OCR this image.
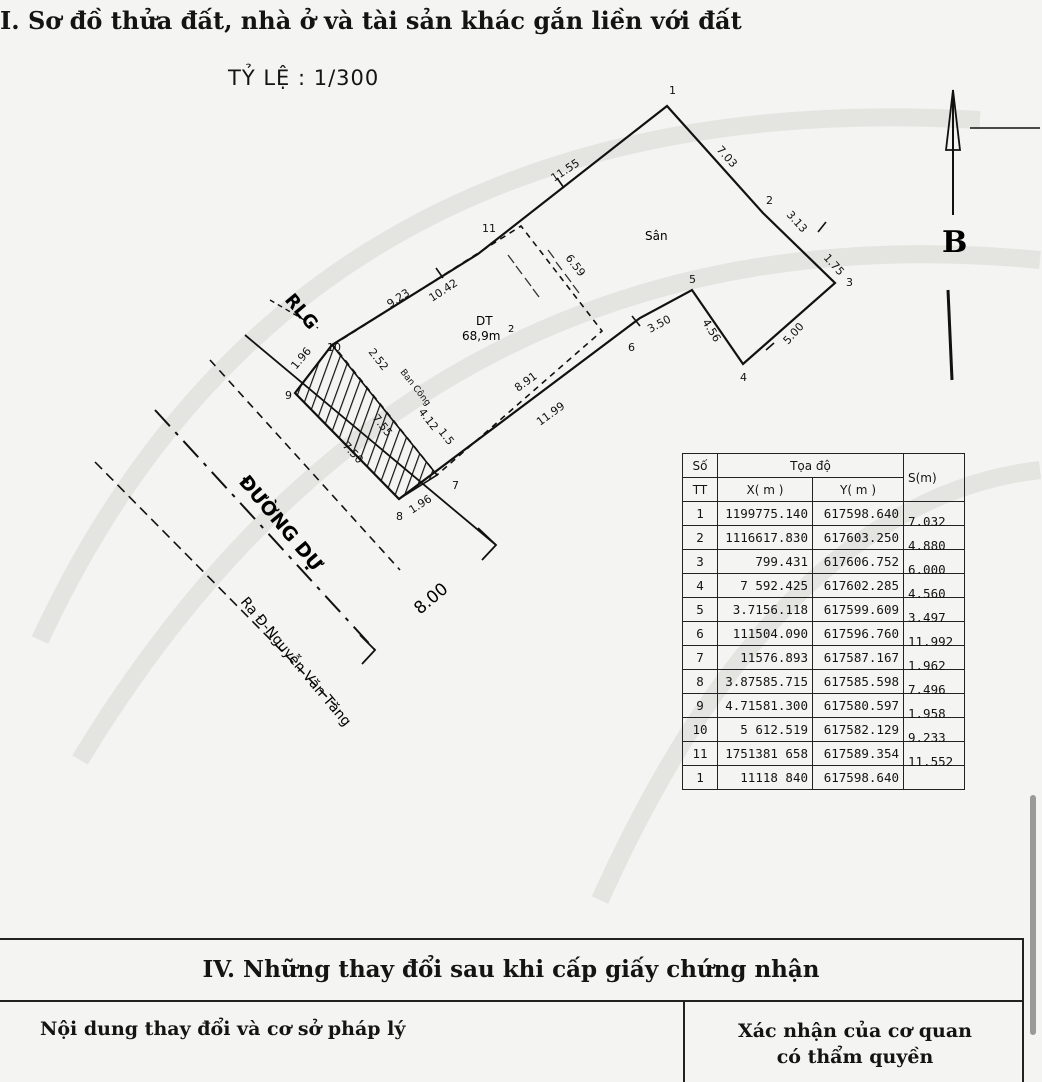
I. Sơ đồ thửa đất, nhà ở và tài sản khác gắn liền với đất
TỶ LỆ : 1/300
B
1
2
3
4
5
6
7
8
9
10
11
7.03
3.13
1.75
5.00
4.56
3.50
11.99
1.96
7.50
1.96
9.23
11.55
10.42
6.59
8.91
2.52
4.12
1.5
7.55
Ban Công
Sân
DT
68,9m 2
RLG
ĐƯỜNG DỰ
Ra Đ-Nguyễn Văn Tăng	8.00
Số	Tọa độ		S(m)
TT	X( m )	Y( m )	
1	1199775.140	617598.640	7.032
2	1116617.830	617603.250	4.880
3	799.431	617606.752	6.000
4	7 592.425	617602.285	4.560
5	3.7156.118	617599.609	3.497
6	111504.090	617596.760	11.992
7	11576.893	617587.167	1.962
8	3.87585.715	617585.598	7.496
9	4.71581.300	617580.597	1.958
10	5 612.519	617582.129	9.233
11	1751381 658	617589.354	11.552
1	11118 840	617598.640	
IV. Những thay đổi sau khi cấp giấy chứng nhận
Nội dung thay đổi và cơ sở pháp lý	Xác nhận của cơ quan
có thẩm quyền
